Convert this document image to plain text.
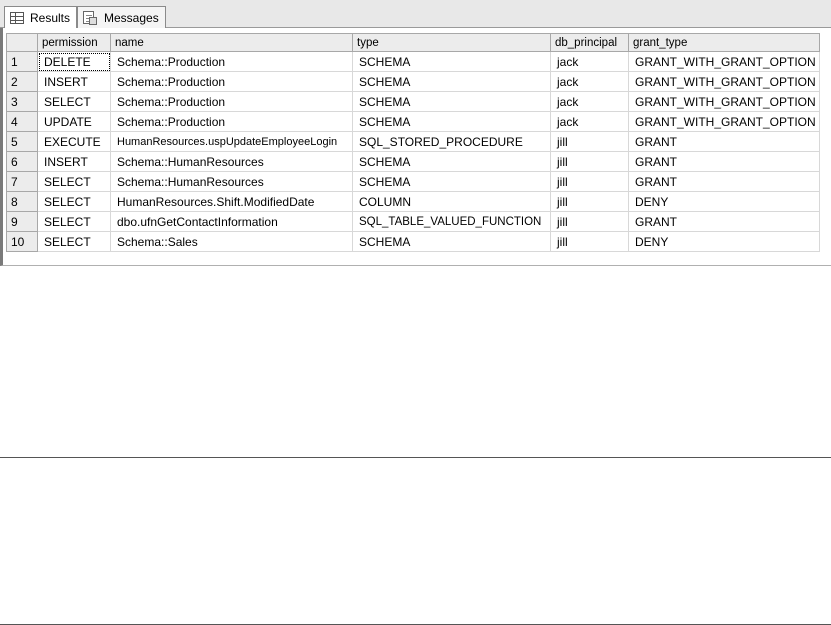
Results	Messages
	permission	name	type	db_principal	grant_type
1	DELETE	Schema::Production	SCHEMA	jack	GRANT_WITH_GRANT_OPTION
2	INSERT	Schema::Production	SCHEMA	jack	GRANT_WITH_GRANT_OPTION
3	SELECT	Schema::Production	SCHEMA	jack	GRANT_WITH_GRANT_OPTION
4	UPDATE	Schema::Production	SCHEMA	jack	GRANT_WITH_GRANT_OPTION
5	EXECUTE	HumanResources.uspUpdateEmployeeLogin	SQL_STORED_PROCEDURE	jill	GRANT
6	INSERT	Schema::HumanResources	SCHEMA	jill	GRANT
7	SELECT	Schema::HumanResources	SCHEMA	jill	GRANT
8	SELECT	HumanResources.Shift.ModifiedDate	COLUMN	jill	DENY
9	SELECT	dbo.ufnGetContactInformation	SQL_TABLE_VALUED_FUNCTION	jill	GRANT
10	SELECT	Schema::Sales	SCHEMA	jill	DENY
